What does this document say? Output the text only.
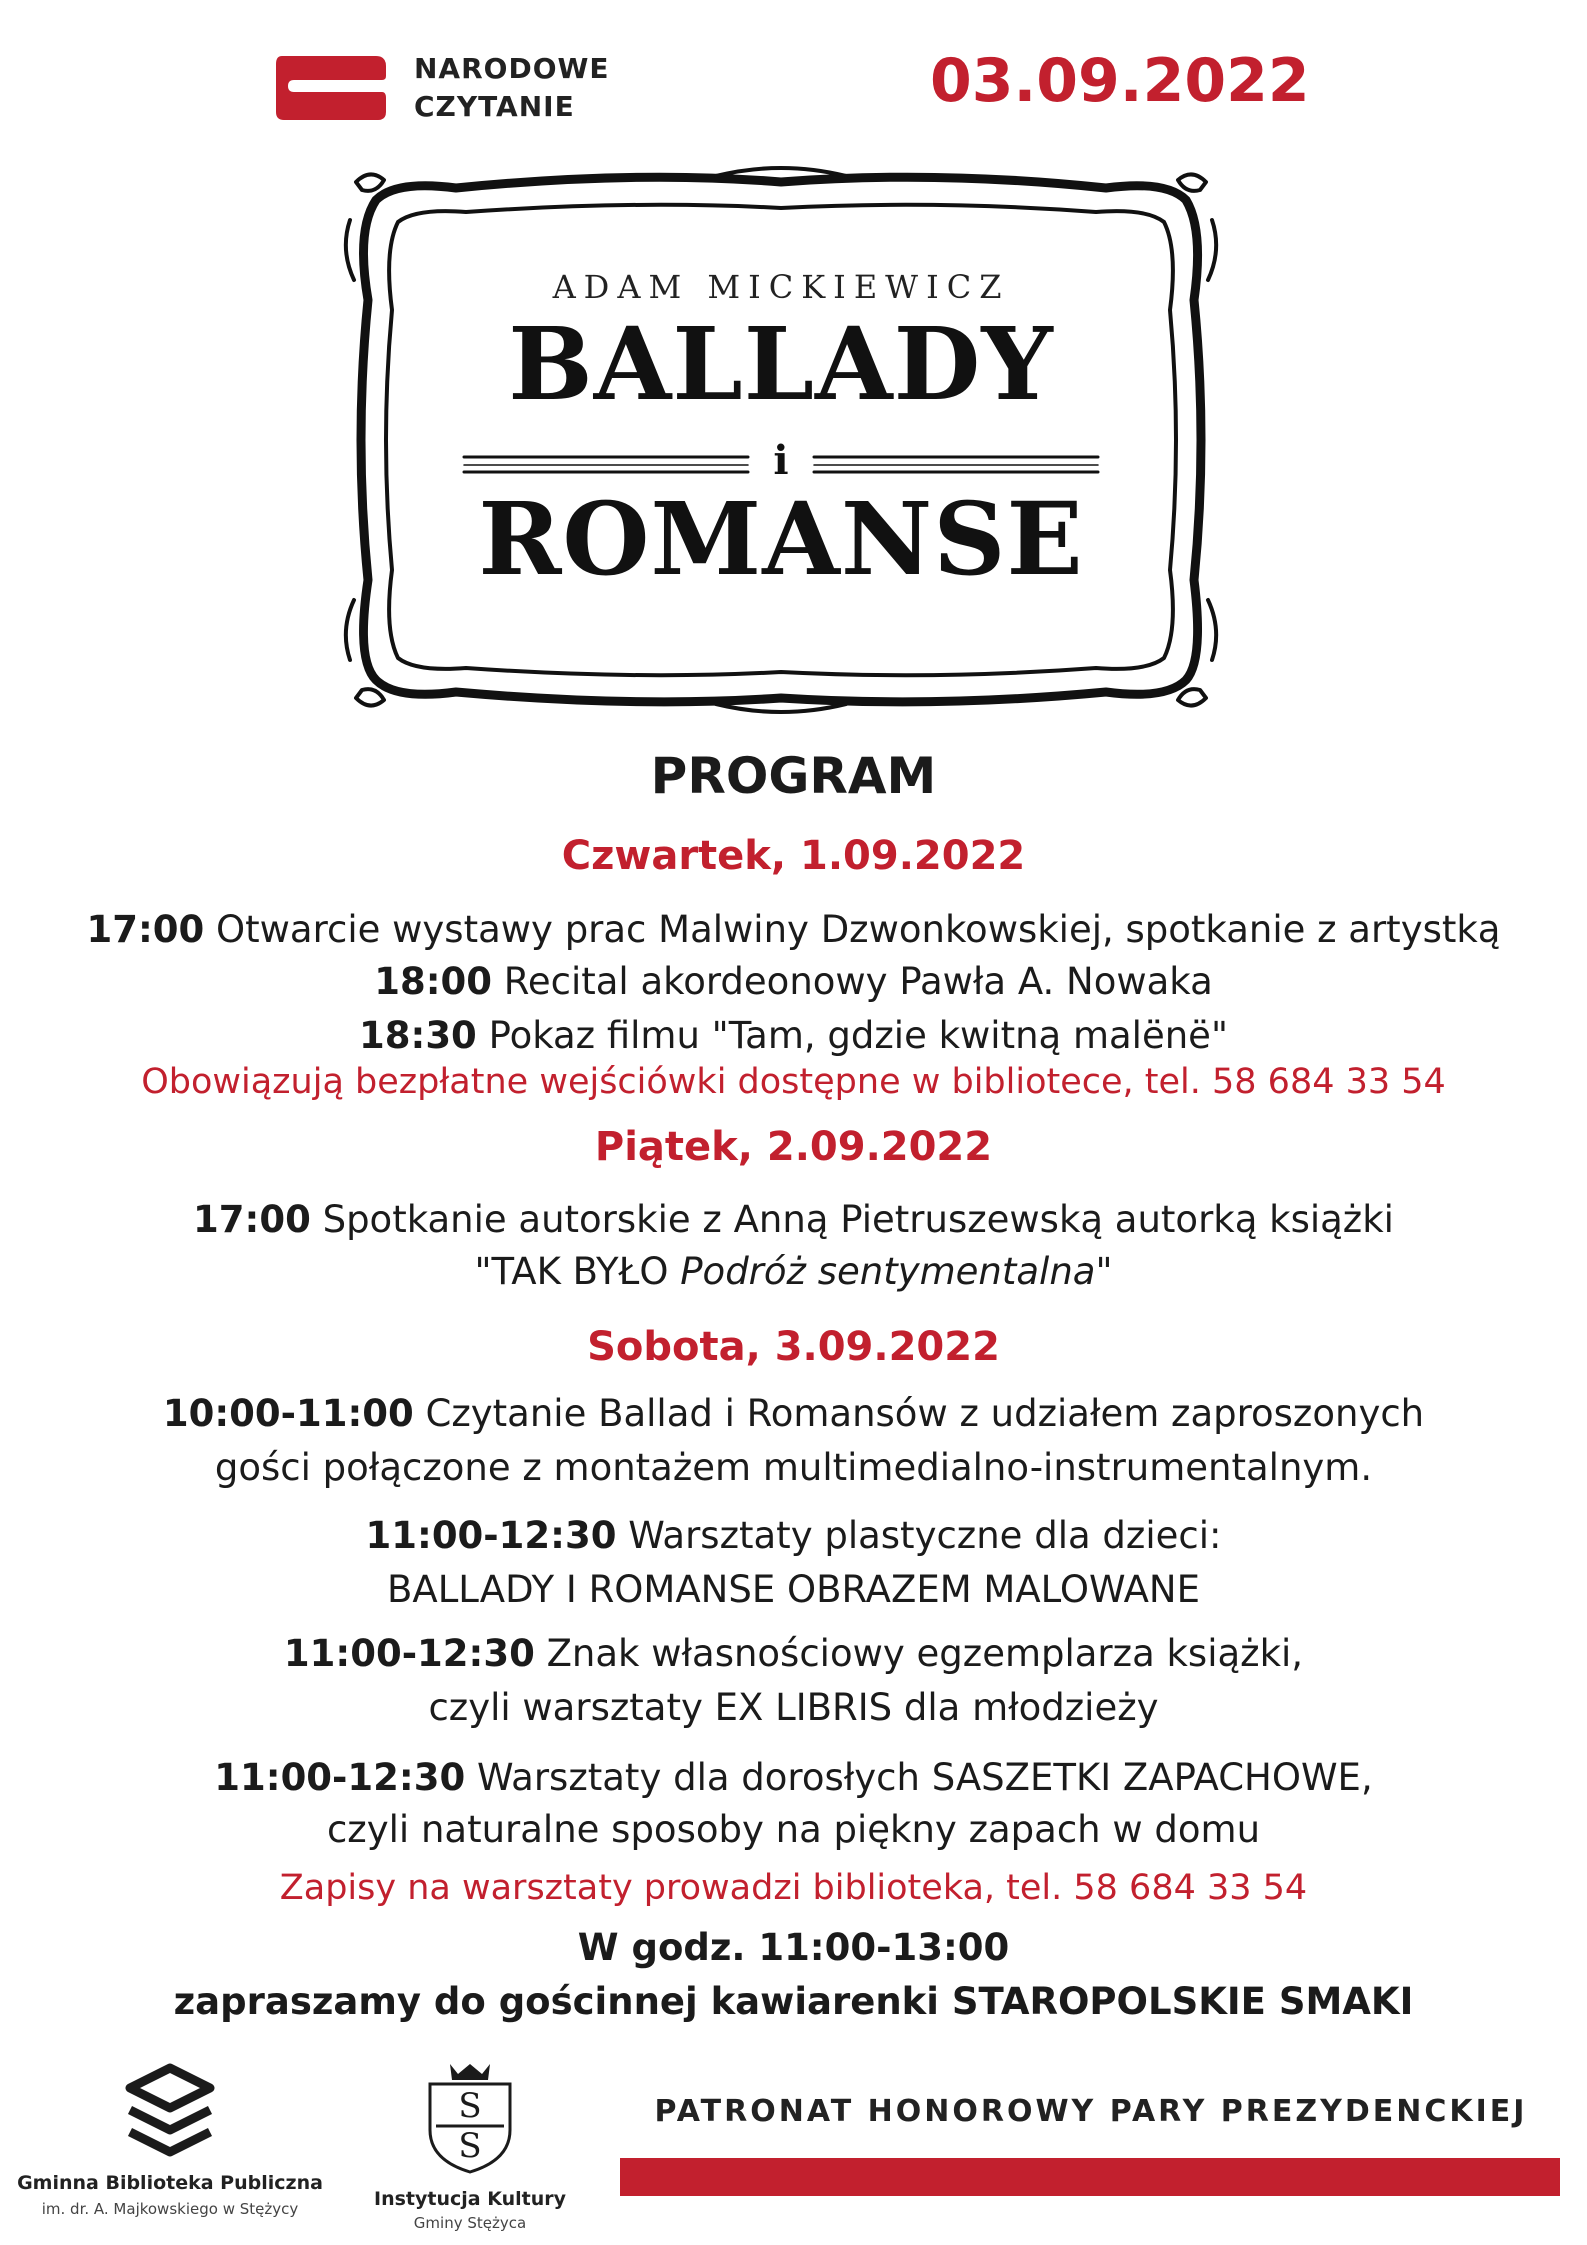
NARODOWE
CZYTANIE	03.09.2022
ADAM MICKIEWICZ
BALLADY
i
ROMANSE
PROGRAM
Czwartek, 1.09.2022
17:00 Otwarcie wystawy prac Malwiny Dzwonkowskiej, spotkanie z artystką
18:00 Recital akordeonowy Pawła A. Nowaka
18:30 Pokaz filmu "Tam, gdzie kwitną malënë"
Obowiązują bezpłatne wejściówki dostępne w bibliotece, tel. 58 684 33 54
Piątek, 2.09.2022
17:00 Spotkanie autorskie z Anną Pietruszewską autorką książki
"TAK BYŁO Podróż sentymentalna"
Sobota, 3.09.2022
10:00-11:00 Czytanie Ballad i Romansów z udziałem zaproszonych
gości połączone z montażem multimedialno-instrumentalnym.
11:00-12:30 Warsztaty plastyczne dla dzieci:
BALLADY I ROMANSE OBRAZEM MALOWANE
11:00-12:30 Znak własnościowy egzemplarza książki,
czyli warsztaty EX LIBRIS dla młodzieży
11:00-12:30 Warsztaty dla dorosłych SASZETKI ZAPACHOWE,
czyli naturalne sposoby na piękny zapach w domu
Zapisy na warsztaty prowadzi biblioteka, tel. 58 684 33 54
W godz. 11:00-13:00
zapraszamy do gościnnej kawiarenki STAROPOLSKIE SMAKI
Gminna Biblioteka Publiczna
im. dr. A. Majkowskiego w Stężycy
S
S
Instytucja Kultury
Gminy Stężyca
PATRONAT HONOROWY PARY PREZYDENCKIEJ
